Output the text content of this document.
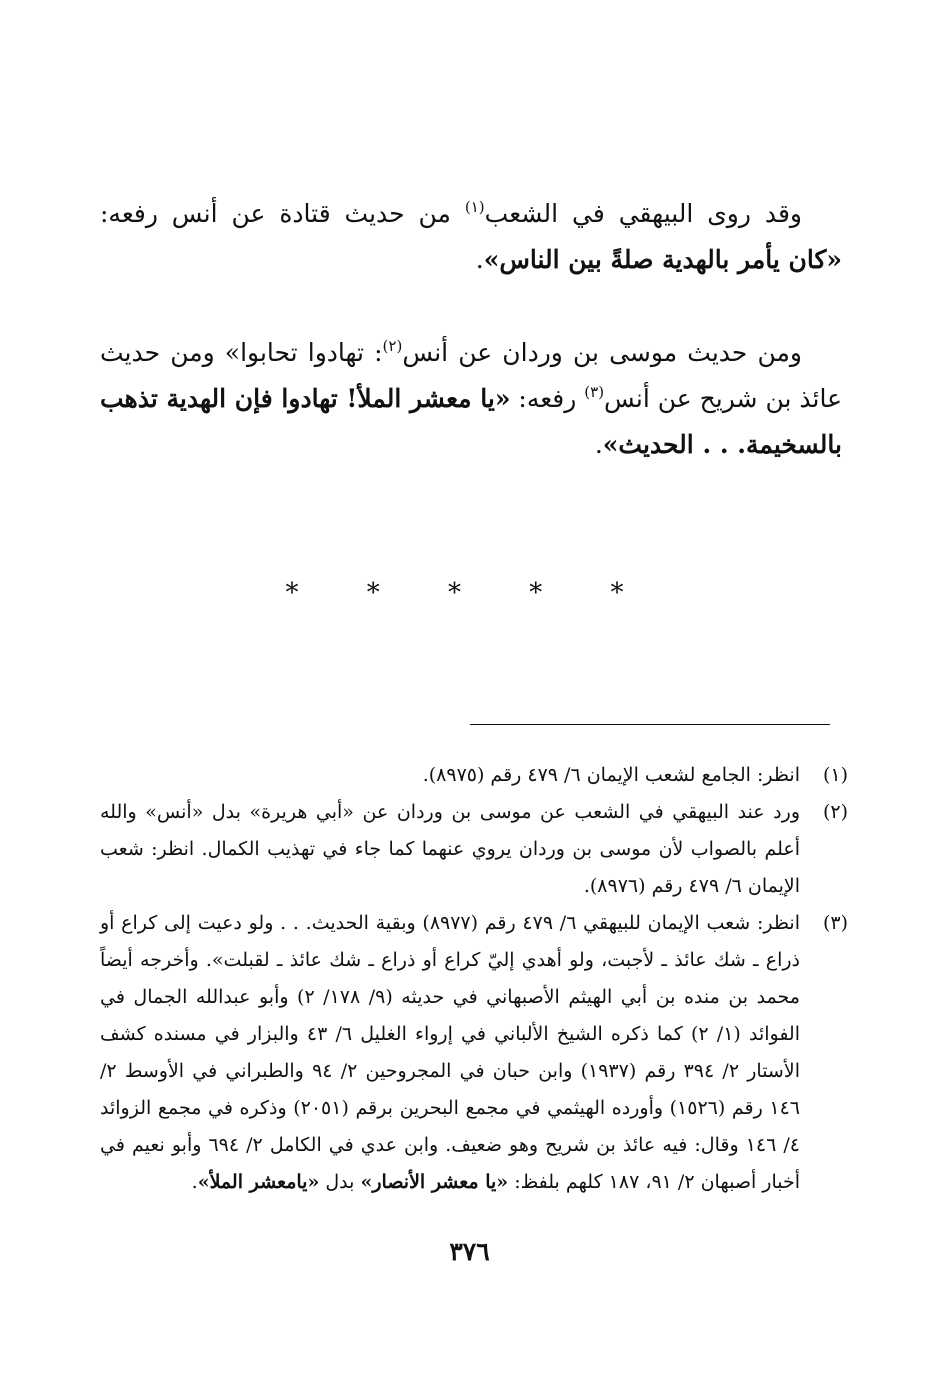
وقد روى البيهقي في الشعب$^{(١)}$ من حديث قتادة عن أنس رفعه: «كان يأمر بالهدية صلةً بين الناس».

ومن حديث موسى بن وردان عن أنس$^{(٢)}$: تهادوا تحابوا» ومن حديث عائذ بن شريح عن أنس$^{(٣)}$ رفعه: «يا معشر الملأ! تهادوا فإن الهدية تذهب بالسخيمة. . . الحديث».

* * * * *
(١)
انظر: الجامع لشعب الإيمان ٦/ ٤٧٩ رقم (٨٩٧٥).
(٢)
ورد عند البيهقي في الشعب عن موسى بن وردان عن «أبي هريرة» بدل «أنس» والله أعلم بالصواب لأن موسى بن وردان يروي عنهما كما جاء في تهذيب الكمال. انظر: شعب الإيمان ٦/ ٤٧٩ رقم (٨٩٧٦).
(٣)
انظر: شعب الإيمان للبيهقي ٦/ ٤٧٩ رقم (٨٩٧٧) وبقية الحديث. . . ولو دعيت إلى كراع أو ذراع ـ شك عائذ ـ لأجبت، ولو أهدي إليّ كراع أو ذراع ـ شك عائذ ـ لقبلت». وأخرجه أيضاً محمد بن منده بن أبي الهيثم الأصبهاني في حديثه (٩/ ١٧٨/ ٢) وأبو عبدالله الجمال في الفوائد (١/ ٢) كما ذكره الشيخ الألباني في إرواء الغليل ٦/ ٤٣ والبزار في مسنده كشف الأستار ٢/ ٣٩٤ رقم (١٩٣٧) وابن حبان في المجروحين ٢/ ٩٤ والطبراني في الأوسط ٢/ ١٤٦ رقم (١٥٢٦) وأورده الهيثمي في مجمع البحرين برقم (٢٠٥١) وذكره في مجمع الزوائد ٤/ ١٤٦ وقال: فيه عائذ بن شريح وهو ضعيف. وابن عدي في الكامل ٢/ ٦٩٤ وأبو نعيم في أخبار أصبهان ٢/ ٩١، ١٨٧ كلهم بلفظ: «يا معشر الأنصار» بدل «يامعشر الملأ».
٣٧٦
